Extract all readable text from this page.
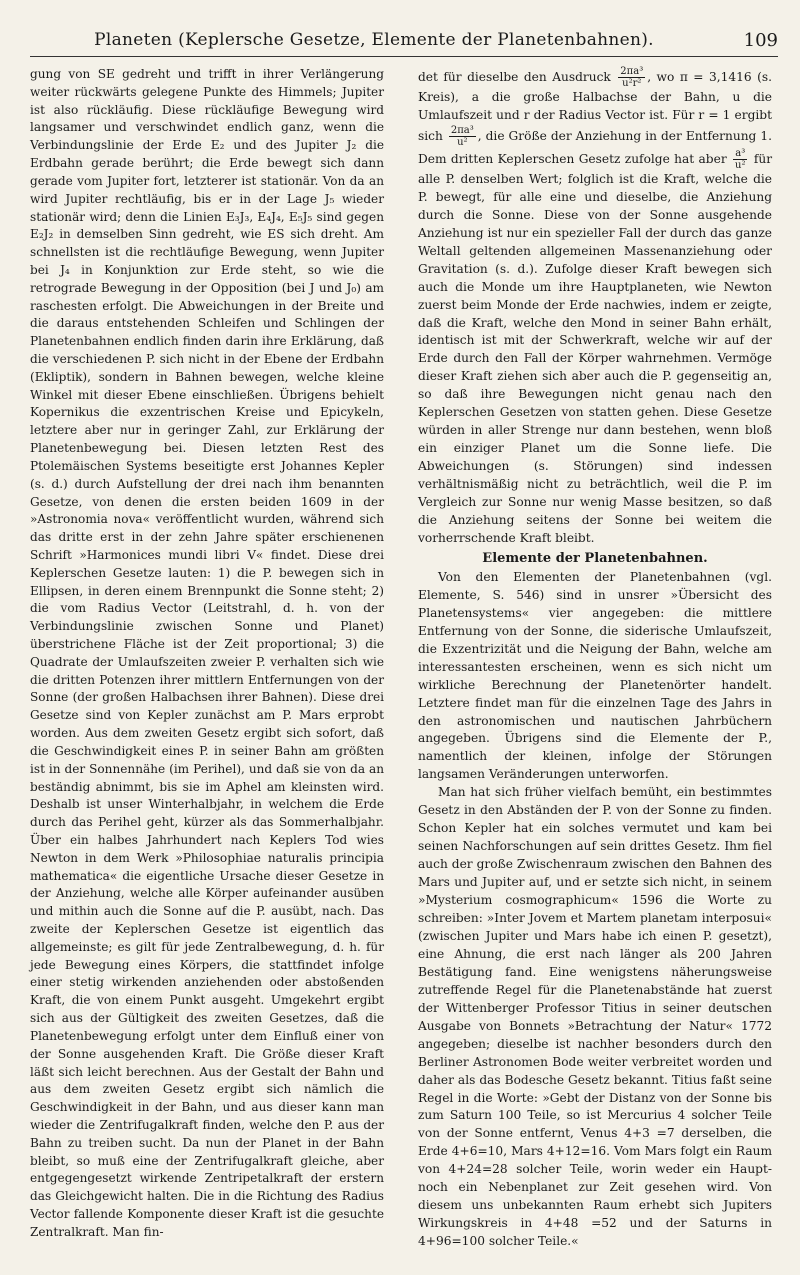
Planeten (Keplersche Gesetze, Elemente der Planetenbahnen).	109

gung von SE gedreht und trifft in ihrer Verlängerung weiter rückwärts gelegene Punkte des Himmels; Jupiter ist also rückläufig. Diese rückläufige Bewegung wird langsamer und verschwindet endlich ganz, wenn die Verbindungslinie der Erde E₂ und des Jupiter J₂ die Erdbahn gerade berührt; die Erde bewegt sich dann gerade vom Jupiter fort, letzterer ist stationär. Von da an wird Jupiter rechtläufig, bis er in der Lage J₅ wieder stationär wird; denn die Linien E₃J₃, E₄J₄, E₅J₅ sind gegen E₂J₂ in demselben Sinn gedreht, wie ES sich dreht. Am schnellsten ist die rechtläufige Bewegung, wenn Jupiter bei J₄ in Konjunktion zur Erde steht, so wie die retrograde Bewegung in der Opposition (bei J und J₀) am raschesten erfolgt. Die Abweichungen in der Breite und die daraus entstehenden Schleifen und Schlingen der Planetenbahnen endlich finden darin ihre Erklärung, daß die verschiedenen P. sich nicht in der Ebene der Erdbahn (Ekliptik), sondern in Bahnen bewegen, welche kleine Winkel mit dieser Ebene einschließen. Übrigens behielt Kopernikus die exzentrischen Kreise und Epicykeln, letztere aber nur in geringer Zahl, zur Erklärung der Planetenbewegung bei. Diesen letzten Rest des Ptolemäischen Systems beseitigte erst Johannes Kepler (s. d.) durch Aufstellung der drei nach ihm benannten Gesetze, von denen die ersten beiden 1609 in der »Astronomia nova« veröffentlicht wurden, während sich das dritte erst in der zehn Jahre später erschienenen Schrift »Harmonices mundi libri V« findet. Diese drei Keplerschen Gesetze lauten: 1) die P. bewegen sich in Ellipsen, in deren einem Brennpunkt die Sonne steht; 2) die vom Radius Vector (Leitstrahl, d. h. von der Verbindungslinie zwischen Sonne und Planet) überstrichene Fläche ist der Zeit proportional; 3) die Quadrate der Umlaufszeiten zweier P. verhalten sich wie die dritten Potenzen ihrer mittlern Entfernungen von der Sonne (der großen Halbachsen ihrer Bahnen). Diese drei Gesetze sind von Kepler zunächst am P. Mars erprobt worden. Aus dem zweiten Gesetz ergibt sich sofort, daß die Geschwindigkeit eines P. in seiner Bahn am größten ist in der Sonnennähe (im Perihel), und daß sie von da an beständig abnimmt, bis sie im Aphel am kleinsten wird. Deshalb ist unser Winterhalbjahr, in welchem die Erde durch das Perihel geht, kürzer als das Sommerhalbjahr. Über ein halbes Jahrhundert nach Keplers Tod wies Newton in dem Werk »Philosophiae naturalis principia mathematica« die eigentliche Ursache dieser Gesetze in der Anziehung, welche alle Körper aufeinander ausüben und mithin auch die Sonne auf die P. ausübt, nach. Das zweite der Keplerschen Gesetze ist eigentlich das allgemeinste; es gilt für jede Zentralbewegung, d. h. für jede Bewegung eines Körpers, die stattfindet infolge einer stetig wirkenden anziehenden oder abstoßenden Kraft, die von einem Punkt ausgeht. Umgekehrt ergibt sich aus der Gültigkeit des zweiten Gesetzes, daß die Planetenbewegung erfolgt unter dem Einfluß einer von der Sonne ausgehenden Kraft. Die Größe dieser Kraft läßt sich leicht berechnen. Aus der Gestalt der Bahn und aus dem zweiten Gesetz ergibt sich nämlich die Geschwindigkeit in der Bahn, und aus dieser kann man wieder die Zentrifugalkraft finden, welche den P. aus der Bahn zu treiben sucht. Da nun der Planet in der Bahn bleibt, so muß eine der Zentrifugalkraft gleiche, aber entgegengesetzt wirkende Zentripetalkraft der erstern das Gleichgewicht halten. Die in die Richtung des Radius Vector fallende Komponente dieser Kraft ist die gesuchte Zentralkraft. Man fin-

det für dieselbe den Ausdruck $\frac{\text{2πa³}}{\text{u²r²}}$ , wo π = 3,1416 (s. Kreis), a die große Halbachse der Bahn, u die Umlaufszeit und r der Radius Vector ist. Für r = 1 ergibt sich $\frac{\text{2πa³}}{\text{u²}}$ , die Größe der Anziehung in der Entfernung 1. Dem dritten Keplerschen Gesetz zufolge hat aber $\frac{\text{a³}}{\text{u²}}$ für alle P. denselben Wert; folglich ist die Kraft, welche die P. bewegt, für alle eine und dieselbe, die Anziehung durch die Sonne. Diese von der Sonne ausgehende Anziehung ist nur ein spezieller Fall der durch das ganze Weltall geltenden allgemeinen Massenanziehung oder Gravitation (s. d.). Zufolge dieser Kraft bewegen sich auch die Monde um ihre Hauptplaneten, wie Newton zuerst beim Monde der Erde nachwies, indem er zeigte, daß die Kraft, welche den Mond in seiner Bahn erhält, identisch ist mit der Schwerkraft, welche wir auf der Erde durch den Fall der Körper wahrnehmen. Vermöge dieser Kraft ziehen sich aber auch die P. gegenseitig an, so daß ihre Bewegungen nicht genau nach den Keplerschen Gesetzen von statten gehen. Diese Gesetze würden in aller Strenge nur dann bestehen, wenn bloß ein einziger Planet um die Sonne liefe. Die Abweichungen (s. Störungen) sind indessen verhältnismäßig nicht zu beträchtlich, weil die P. im Vergleich zur Sonne nur wenig Masse besitzen, so daß die Anziehung seitens der Sonne bei weitem die vorherrschende Kraft bleibt.

Elemente der Planetenbahnen.

Von den Elementen der Planetenbahnen (vgl. Elemente, S. 546) sind in unsrer »Übersicht des Planetensystems« vier angegeben: die mittlere Entfernung von der Sonne, die siderische Umlaufszeit, die Exzentrizität und die Neigung der Bahn, welche am interessantesten erscheinen, wenn es sich nicht um wirkliche Berechnung der Planetenörter handelt. Letztere findet man für die einzelnen Tage des Jahrs in den astronomischen und nautischen Jahrbüchern angegeben. Übrigens sind die Elemente der P., namentlich der kleinen, infolge der Störungen langsamen Veränderungen unterworfen.

Man hat sich früher vielfach bemüht, ein bestimmtes Gesetz in den Abständen der P. von der Sonne zu finden. Schon Kepler hat ein solches vermutet und kam bei seinen Nachforschungen auf sein drittes Gesetz. Ihm fiel auch der große Zwischenraum zwischen den Bahnen des Mars und Jupiter auf, und er setzte sich nicht, in seinem »Mysterium cosmographicum« 1596 die Worte zu schreiben: »Inter Jovem et Martem planetam interposui« (zwischen Jupiter und Mars habe ich einen P. gesetzt), eine Ahnung, die erst nach länger als 200 Jahren Bestätigung fand. Eine wenigstens näherungsweise zutreffende Regel für die Planetenabstände hat zuerst der Wittenberger Professor Titius in seiner deutschen Ausgabe von Bonnets »Betrachtung der Natur« 1772 angegeben; dieselbe ist nachher besonders durch den Berliner Astronomen Bode weiter verbreitet worden und daher als das Bodesche Gesetz bekannt. Titius faßt seine Regel in die Worte: »Gebt der Distanz von der Sonne bis zum Saturn 100 Teile, so ist Mercurius 4 solcher Teile von der Sonne entfernt, Venus 4+3 =7 derselben, die Erde 4+6=10, Mars 4+12=16. Vom Mars folgt ein Raum von 4+24=28 solcher Teile, worin weder ein Haupt- noch ein Nebenplanet zur Zeit gesehen wird. Von diesem uns unbekannten Raum erhebt sich Jupiters Wirkungskreis in 4+48 =52 und der Saturns in 4+96=100 solcher Teile.«
